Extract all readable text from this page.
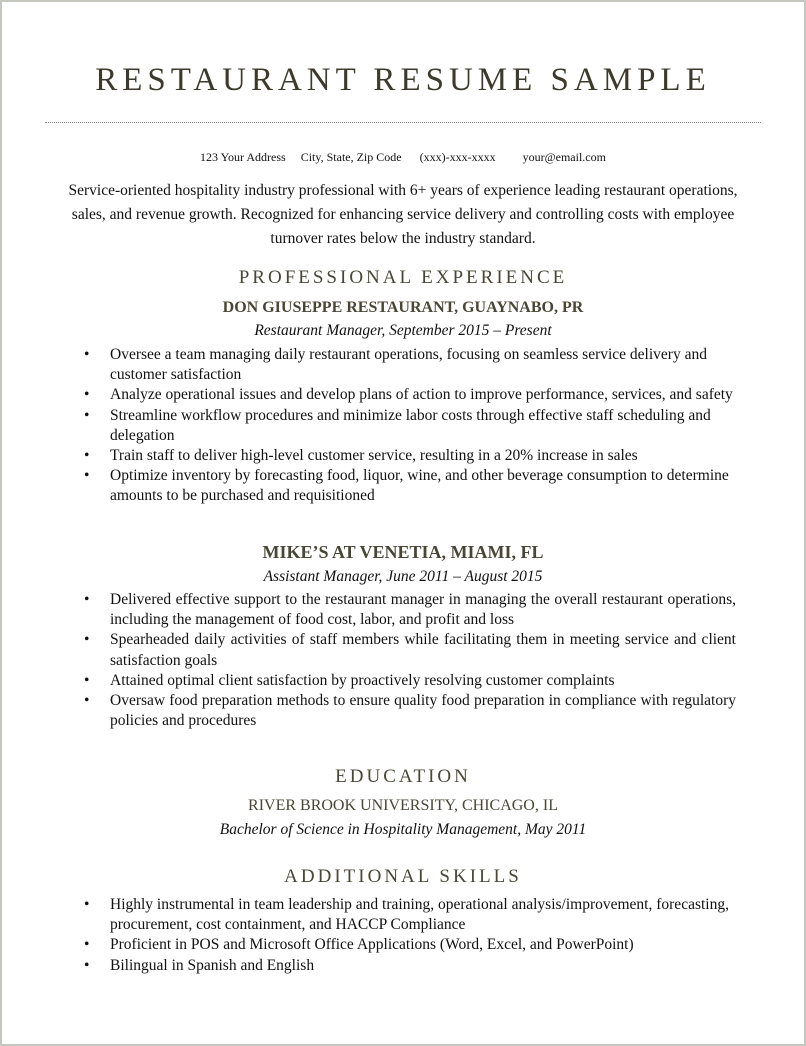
RESTAURANT RESUME SAMPLE
123 Your Address City, State, Zip Code (xxx)-xxx-xxxx your@email.com
Service-oriented hospitality industry professional with 6+ years of experience leading restaurant operations, sales, and revenue growth. Recognized for enhancing service delivery and controlling costs with employee turnover rates below the industry standard.
PROFESSIONAL EXPERIENCE
DON GIUSEPPE RESTAURANT, GUAYNABO, PR
Restaurant Manager, September 2015 – Present
• Oversee a team managing daily restaurant operations, focusing on seamless service delivery and customer satisfaction
• Analyze operational issues and develop plans of action to improve performance, services, and safety
• Streamline workflow procedures and minimize labor costs through effective staff scheduling and delegation
• Train staff to deliver high-level customer service, resulting in a 20% increase in sales
• Optimize inventory by forecasting food, liquor, wine, and other beverage consumption to determine amounts to be purchased and requisitioned
MIKE’S AT VENETIA, MIAMI, FL
Assistant Manager, June 2011 – August 2015
• Delivered effective support to the restaurant manager in managing the overall restaurant operations, including the management of food cost, labor, and profit and loss
• Spearheaded daily activities of staff members while facilitating them in meeting service and client satisfaction goals
• Attained optimal client satisfaction by proactively resolving customer complaints
• Oversaw food preparation methods to ensure quality food preparation in compliance with regulatory policies and procedures
EDUCATION
RIVER BROOK UNIVERSITY, CHICAGO, IL
Bachelor of Science in Hospitality Management, May 2011
ADDITIONAL SKILLS
• Highly instrumental in team leadership and training, operational analysis/improvement, forecasting, procurement, cost containment, and HACCP Compliance
• Proficient in POS and Microsoft Office Applications (Word, Excel, and PowerPoint)
• Bilingual in Spanish and English
